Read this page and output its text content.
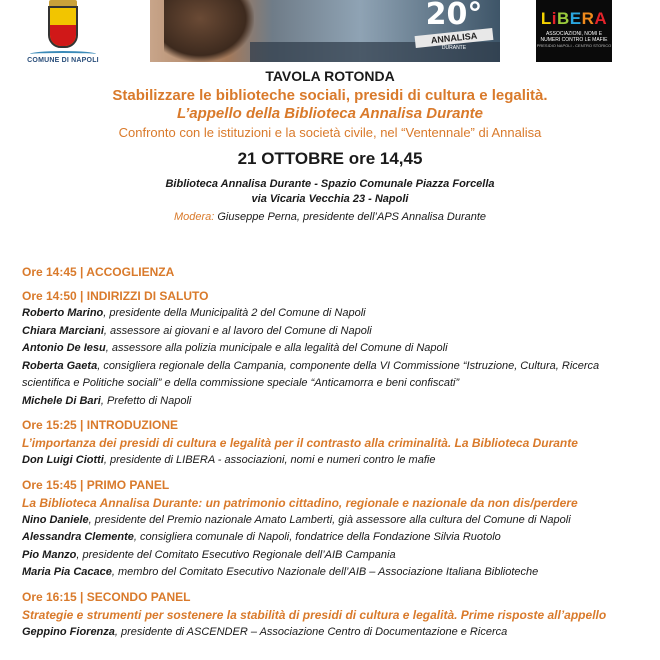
COMUNE DI NAPOLI
20°
ANNALISA
DURANTE
LiBERA
ASSOCIAZIONI, NOMI E NUMERI CONTRO LE MAFIE
PRESIDIO NAPOLI - CENTRO STORICO
TAVOLA ROTONDA
Stabilizzare le biblioteche sociali, presidi di cultura e legalità.
L’appello della Biblioteca Annalisa Durante
Confronto con le istituzioni e la società civile, nel “Ventennale” di Annalisa
21 OTTOBRE ore 14,45
Biblioteca Annalisa Durante - Spazio Comunale Piazza Forcella
via Vicaria Vecchia 23 - Napoli
Modera: Giuseppe Perna, presidente dell’APS Annalisa Durante
Ore 14:45 | ACCOGLIENZA
Ore 14:50 | INDIRIZZI DI SALUTO
Roberto Marino, presidente della Municipalità 2 del Comune di Napoli
Chiara Marciani, assessore ai giovani e al lavoro del Comune di Napoli
Antonio De Iesu, assessore alla polizia municipale e alla legalità del Comune di Napoli
Roberta Gaeta, consigliera regionale della Campania, componente della VI Commissione “Istruzione, Cultura, Ricerca scientifica e Politiche sociali” e della commissione speciale “Anticamorra e beni confiscati”
Michele Di Bari, Prefetto di Napoli
Ore 15:25 | INTRODUZIONE
L’importanza dei presidi di cultura e legalità per il contrasto alla criminalità. La Biblioteca Durante
Don Luigi Ciotti, presidente di LIBERA - associazioni, nomi e numeri contro le mafie
Ore 15:45 | PRIMO PANEL
La Biblioteca Annalisa Durante: un patrimonio cittadino, regionale e nazionale da non dis/perdere
Nino Daniele, presidente del Premio nazionale Amato Lamberti, già assessore alla cultura del Comune di Napoli
Alessandra Clemente, consigliera comunale di Napoli, fondatrice della Fondazione Silvia Ruotolo
Pio Manzo, presidente del Comitato Esecutivo Regionale dell’AIB Campania
Maria Pia Cacace, membro del Comitato Esecutivo Nazionale dell’AIB – Associazione Italiana Biblioteche
Ore 16:15 | SECONDO PANEL
Strategie e strumenti per sostenere la stabilità di presidi di cultura e legalità. Prime risposte all’appello
Geppino Fiorenza, presidente di ASCENDER – Associazione Centro di Documentazione e Ricerca
